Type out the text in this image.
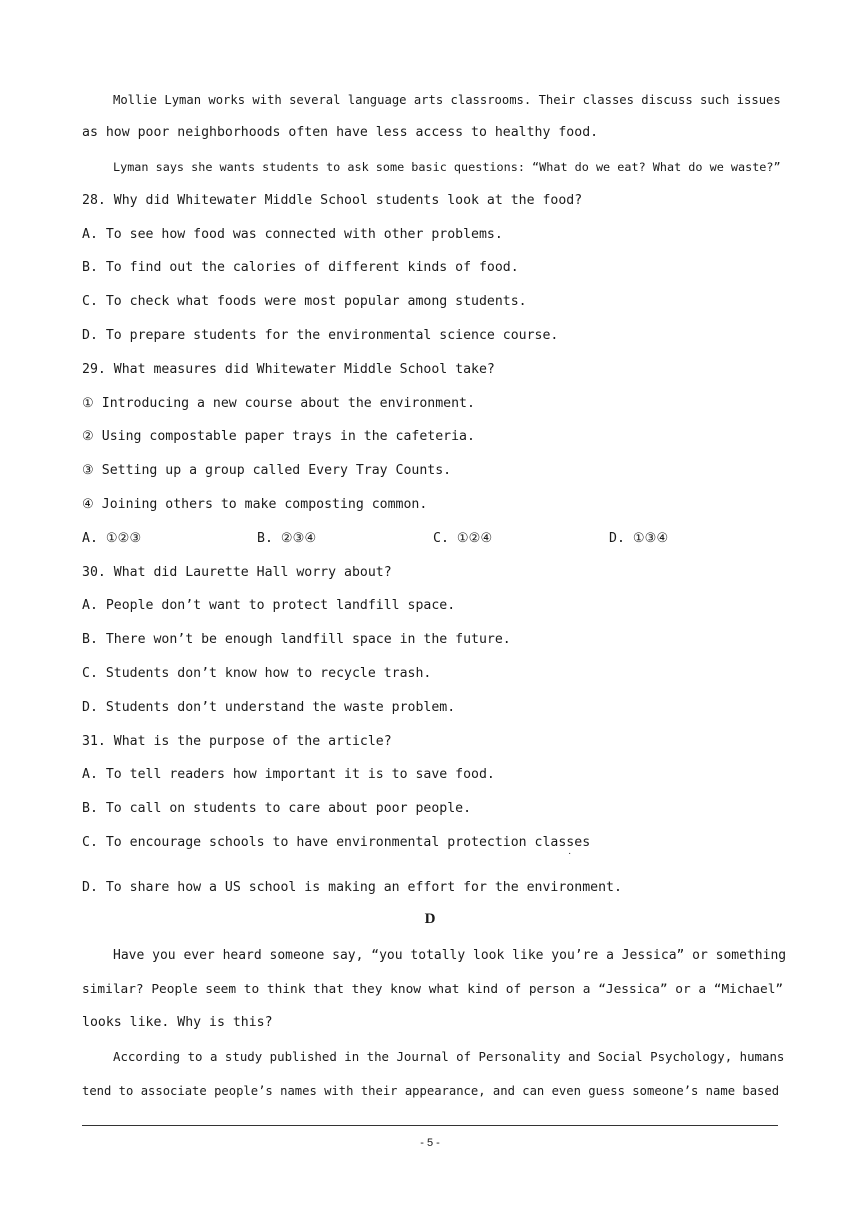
Mollie Lyman works with several language arts classrooms. Their classes discuss such issues
as how poor neighborhoods often have less access to healthy food.
Lyman says she wants students to ask some basic questions: “What do we eat? What do we waste?”
28. Why did Whitewater Middle School students look at the food?
A. To see how food was connected with other problems.
B. To find out the calories of different kinds of food.
C. To check what foods were most popular among students.
D. To prepare students for the environmental science course.
29. What measures did Whitewater Middle School take?
① Introducing a new course about the environment.
② Using compostable paper trays in the cafeteria.
③ Setting up a group called Every Tray Counts.
④ Joining others to make composting common.
A. ①②③	B. ②③④	C. ①②④	D. ①③④
30. What did Laurette Hall worry about?
A. People don’t want to protect landfill space.
B. There won’t be enough landfill space in the future.
C. Students don’t know how to recycle trash.
D. Students don’t understand the waste problem.
31. What is the purpose of the article?
A. To tell readers how important it is to save food.
B. To call on students to care about poor people.
C. To encourage schools to have environmental protection classes
·
D. To share how a US school is making an effort for the environment.
D
Have you ever heard someone say, “you totally look like you’re a Jessica” or something
similar? People seem to think that they know what kind of person a “Jessica” or a “Michael”
looks like. Why is this?
According to a study published in the Journal of Personality and Social Psychology, humans
tend to associate people’s names with their appearance, and can even guess someone’s name based
- 5 -
